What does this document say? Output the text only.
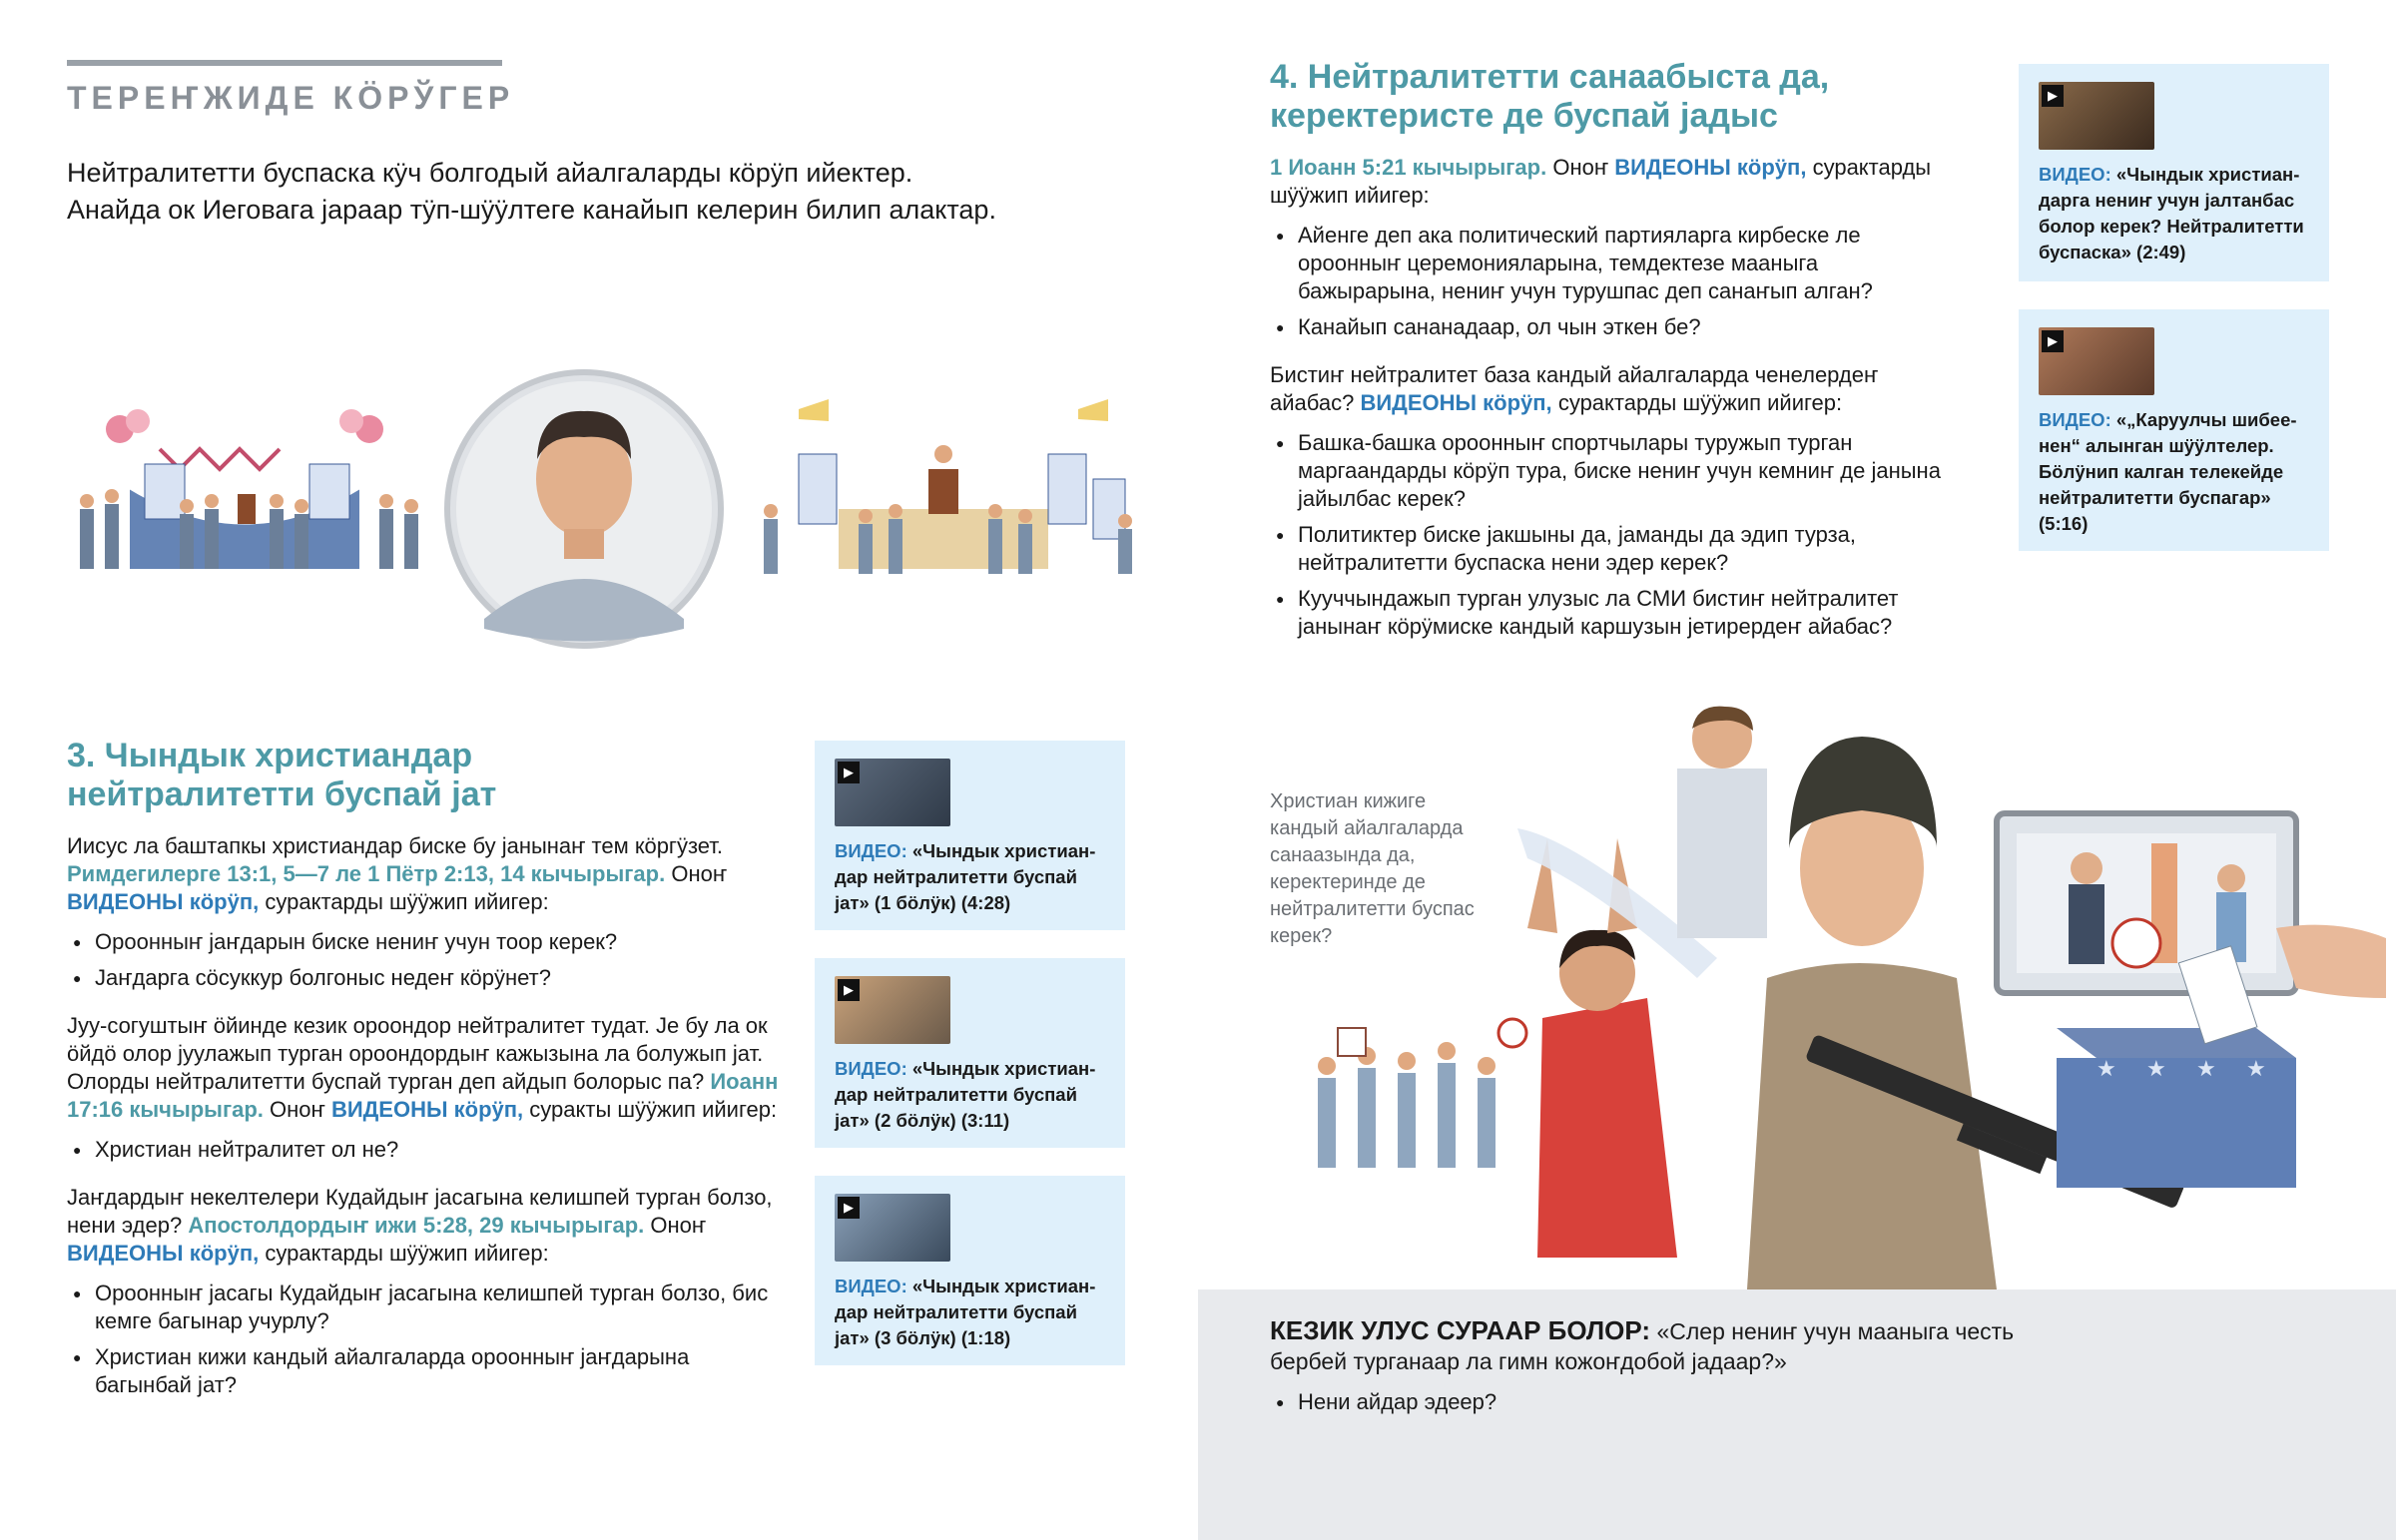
ТЕРЕҤЖИДЕ КӦРЎГЕР
Нейтралитетти буспаска кӱч болгодый айалгаларды кӧрӱп ийектер.
Анайда ок Иеговага јараар тӱп-шӱӱлтеге канайып келерин билип алактар.
3. Чындык христиандар
нейтралитетти буспай јат

Иисус ла баштапкы христиандар биске бу јанынаҥ тем кӧргӱзет. Римдегилерге 13:1, 5—7 ле 1 Пётр 2:13, 14 кычырыгар. Оноҥ ВИДЕОНЫ кӧрӱп, сурактарды шӱӱжип ийигер:

● Ороонныҥ јаҥдарын биске нениҥ учун тоор керек?
● Јаҥдарга сӧсуккур болгоныс недеҥ кӧрӱнет?

Јуу-согуштыҥ ӧйинде кезик ороондор нейтралитет тудат. Је бу ла ок ӧйдӧ олор јуулажып турган ороондордыҥ кажызына ла болужып јат. Олорды нейтралитетти буспай турган деп айдып болорыс па? Иоанн 17:16 кычырыгар. Оноҥ ВИДЕОНЫ кӧрӱп, суракты шӱӱжип ийигер:

● Христиан нейтралитет ол не?

Јаҥдардыҥ некелтелери Кудайдыҥ јасагына келишпей турган болзо, нени эдер? Апостолдордыҥ ижи 5:28, 29 кычырыгар. Оноҥ ВИДЕОНЫ кӧрӱп, сурактарды шӱӱжип ийигер:

● Ороонныҥ јасагы Кудайдыҥ јасагына келишпей турган болзо, бис кемге багынар учурлу?
● Христиан кижи кандый айалгаларда ороонныҥ јаҥдарына багынбай јат?
▶
ВИДЕО: «Чындык христиан-дар нейтралитетти буспай јат» (1 бӧлӱк) (4:28)
▶
ВИДЕО: «Чындык христиан-дар нейтралитетти буспай јат» (2 бӧлӱк) (3:11)
▶
ВИДЕО: «Чындык христиан-дар нейтралитетти буспай јат» (3 бӧлӱк) (1:18)
4. Нейтралитетти санаабыста да,
керектеристе де буспай јадыс

1 Иоанн 5:21 кычырыгар. Оноҥ ВИДЕОНЫ кӧрӱп, сурактарды шӱӱжип ийигер:

● Айенге деп ака политический партияларга кирбеске ле ороонныҥ церемонияларына, темдектезе мааныга бажырарына, нениҥ учун турушпас деп санаҥып алган?
● Канайып сананадаар, ол чын эткен бе?

Бистиҥ нейтралитет база кандый айалгаларда ченелердеҥ айабас? ВИДЕОНЫ кӧрӱп, сурактарды шӱӱжип ийигер:

● Башка-башка ороонныҥ спортчылары туружып турган маргаандарды кӧрӱп тура, биске нениҥ учун кемниҥ де јанына јайылбас керек?
● Политиктер биске јакшыны да, јаманды да эдип турза, нейтралитетти буспаска нени эдер керек?
● Кууччындажып турган улузыс ла СМИ бистиҥ нейтралитет јанынаҥ кӧрӱмиске кандый каршузын јетирердеҥ айабас?
▶
ВИДЕО: «Чындык христиан-дарга нениҥ учун јалтанбас болор керек? Нейтралитетти буспаска» (2:49)
▶
ВИДЕО: «„Каруулчы шибее-нен“ алынган шӱӱлтелер. Бӧлӱнип калган телекейде нейтралитетти буспагар» (5:16)
★ ★ ★ ★
Христиан кижиге кандый айалгаларда санаазында да, керектеринде де нейтралитетти буспас керек?

КЕЗИК УЛУС СУРААР БОЛОР: «Слер нениҥ учун мааныга честь бербей турганаар ла гимн кожоҥдобой јадаар?»

● Нени айдар эдеер?
